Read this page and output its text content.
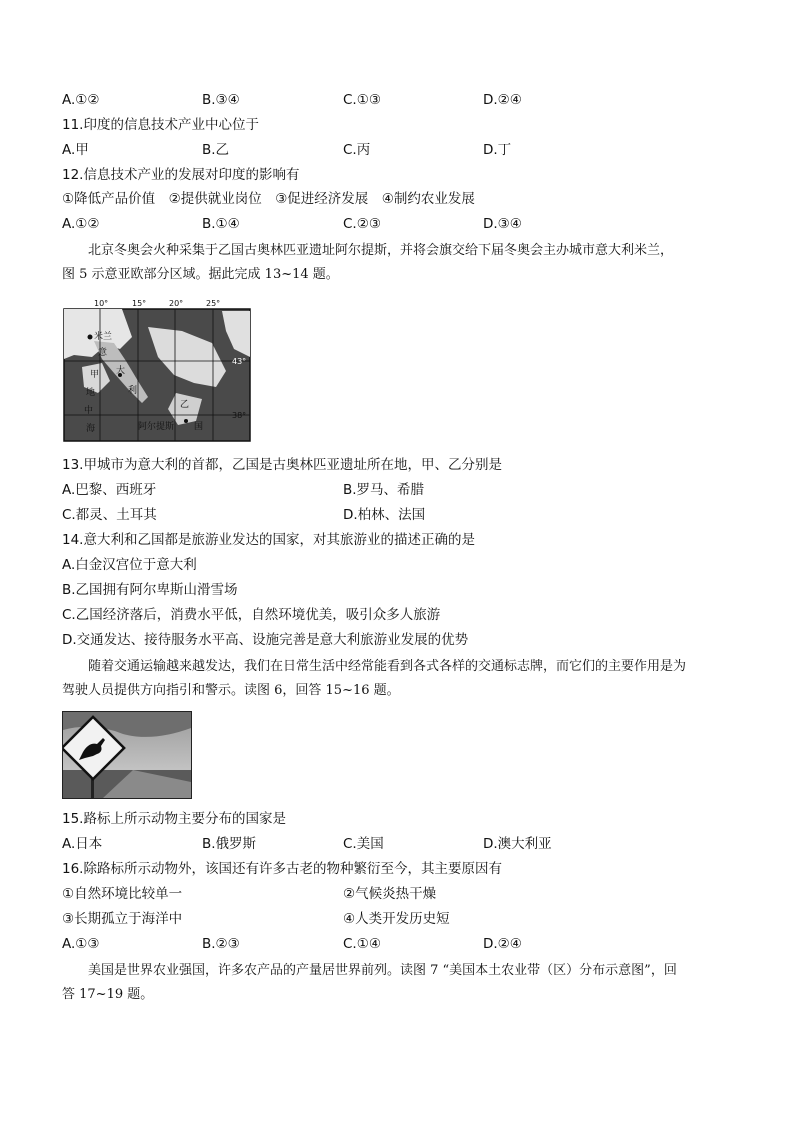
A.①②	B.③④	C.①③	D.②④
11.印度的信息技术产业中心位于
A.甲	B.乙	C.丙	D.丁
12.信息技术产业的发展对印度的影响有
①降低产品价值　②提供就业岗位　③促进经济发展　④制约农业发展
A.①②	B.①④	C.②③	D.③④
北京冬奥会火种采集于乙国古奥林匹亚遗址阿尔提斯，并将会旗交给下届冬奥会主办城市意大利米兰，
图 5 示意亚欧部分区域。据此完成 13~14 题。
10°	15°	20°	25°
43°
38°
米兰
意
甲 大
利
地
中
海
乙
阿尔提斯 国
13.甲城市为意大利的首都，乙国是古奥林匹亚遗址所在地，甲、乙分别是
A.巴黎、西班牙	B.罗马、希腊
C.都灵、土耳其	D.柏林、法国
14.意大利和乙国都是旅游业发达的国家，对其旅游业的描述正确的是
A.白金汉宫位于意大利
B.乙国拥有阿尔卑斯山滑雪场
C.乙国经济落后，消费水平低，自然环境优美，吸引众多人旅游
D.交通发达、接待服务水平高、设施完善是意大利旅游业发展的优势
随着交通运输越来越发达，我们在日常生活中经常能看到各式各样的交通标志牌，而它们的主要作用是为
驾驶人员提供方向指引和警示。读图 6，回答 15~16 题。
15.路标上所示动物主要分布的国家是
A.日本	B.俄罗斯	C.美国	D.澳大利亚
16.除路标所示动物外，该国还有许多古老的物种繁衍至今，其主要原因有
①自然环境比较单一	②气候炎热干燥
③长期孤立于海洋中	④人类开发历史短
A.①③	B.②③	C.①④	D.②④
美国是世界农业强国，许多农产品的产量居世界前列。读图 7 “美国本土农业带（区）分布示意图”，回
答 17~19 题。
